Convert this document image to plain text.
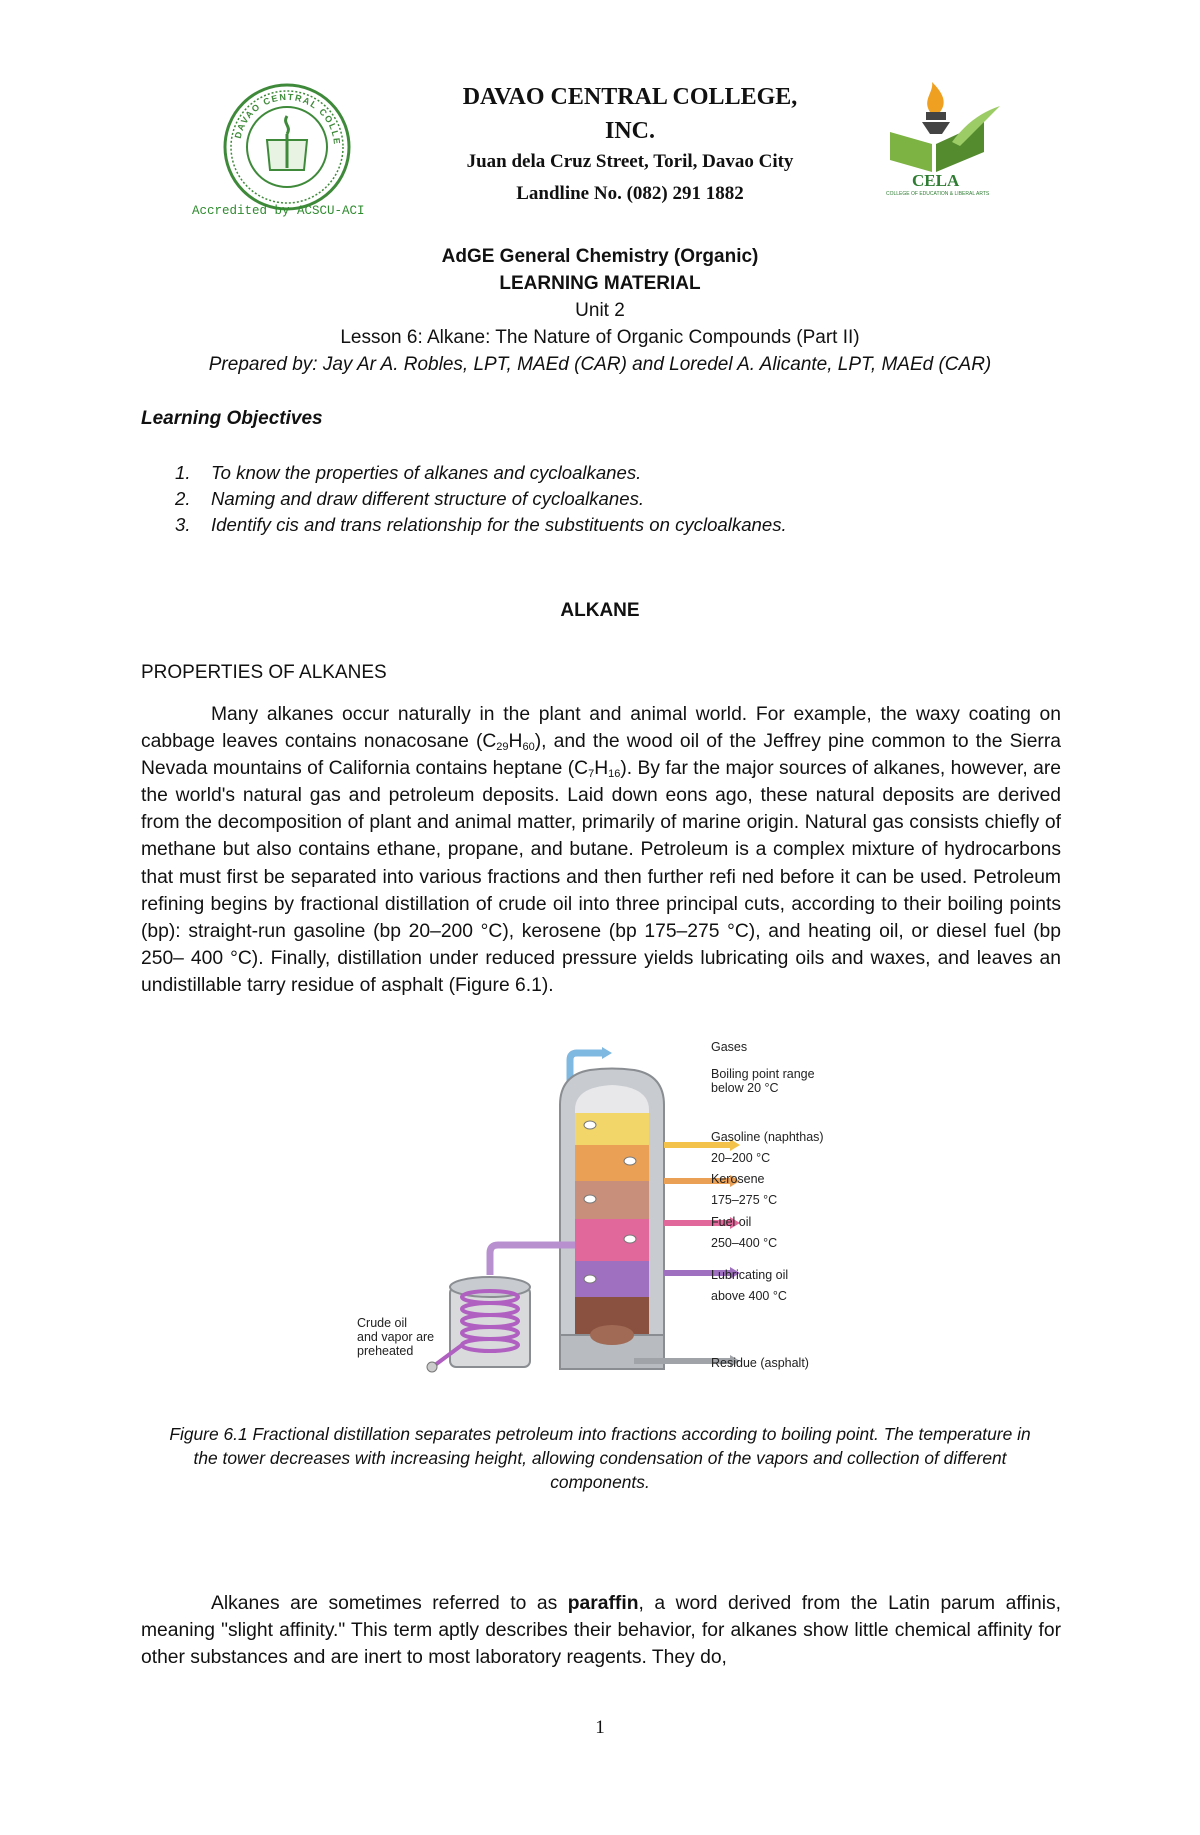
DAVAO CENTRAL COLLE
Accredited by ACSCU-ACI
DAVAO CENTRAL COLLEGE,
INC.
Juan dela Cruz Street, Toril, Davao City
Landline No. (082) 291 1882
CELA
COLLEGE OF EDUCATION & LIBERAL ARTS
AdGE General Chemistry (Organic)
LEARNING MATERIAL
Unit 2
Lesson 6: Alkane: The Nature of Organic Compounds (Part II)
Prepared by: Jay Ar A. Robles, LPT, MAEd (CAR) and Loredel A. Alicante, LPT, MAEd (CAR)
Learning Objectives
1. To know the properties of alkanes and cycloalkanes.
2. Naming and draw different structure of cycloalkanes.
3. Identify cis and trans relationship for the substituents on cycloalkanes.
ALKANE
PROPERTIES OF ALKANES

Many alkanes occur naturally in the plant and animal world. For example, the waxy coating on cabbage leaves contains nonacosane $(C_{29}H_{60})$, and the wood oil of the Jeffrey pine common to the Sierra Nevada mountains of California contains heptane $(C_7H_{16})$. By far the major sources of alkanes, however, are the world's natural gas and petroleum deposits. Laid down eons ago, these natural deposits are derived from the decomposition of plant and animal matter, primarily of marine origin. Natural gas consists chiefly of methane but also contains ethane, propane, and butane. Petroleum is a complex mixture of hydrocarbons that must first be separated into various fractions and then further refi ned before it can be used. Petroleum refining begins by fractional distillation of crude oil into three principal cuts, according to their boiling points (bp): straight-run gasoline (bp 20–200 °C), kerosene (bp 175–275 °C), and heating oil, or diesel fuel (bp 250– 400 °C). Finally, distillation under reduced pressure yields lubricating oils and waxes, and leaves an undistillable tarry residue of asphalt (Figure 6.1).

Gases
Boiling point range
below 20 °C
Gasoline (naphthas)
20–200 °C
Kerosene
175–275 °C
Fuel oil
250–400 °C
Lubricating oil
above 400 °C
Residue (asphalt)
Crude oil
and vapor are
preheated
Figure 6.1 Fractional distillation separates petroleum into fractions according to boiling point. The temperature in the tower decreases with increasing height, allowing condensation of the vapors and collection of different components.

Alkanes are sometimes referred to as paraffin, a word derived from the Latin parum affinis, meaning "slight affinity." This term aptly describes their behavior, for alkanes show little chemical affinity for other substances and are inert to most laboratory reagents. They do,

1
